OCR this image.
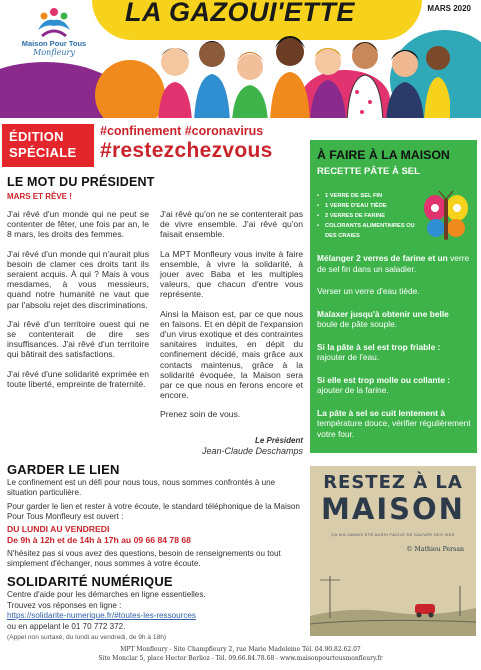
Maison Pour Tous
Monfleury
LA GAZOUI'ETTE	MARS 2020
ÉDITION
SPÉCIALE
#confinement #coronavirus
#restezchezvous
LE MOT DU PRÉSIDENT
MARS ET RÊVE !

J'ai rêvé d'un monde qui ne peut se contenter de fêter, une fois par an, le 8 mars, les droits des femmes.

J'ai rêvé d'un monde qui n'aurait plus besoin de clamer ces droits tant ils seraient acquis. À qui ? Mais à vous mesdames, à vous messieurs, quand notre humanité ne vaut que par l'absolu rejet des discriminations.

J'ai rêvé d'un territoire ouest qui ne se contenterait de dire ses insuffisances. J'ai rêvé d'un territoire qui bâtirait des satisfactions.

J'ai rêvé d'une solidarité exprimée en toute liberté, empreinte de fraternité.

J'ai rêvé qu'on ne se contenterait pas de vivre ensemble. J'ai rêvé qu'on faisait ensemble.

La MPT Monfleury vous invite à faire ensemble, à vivre la solidarité, à jouer avec Baba et les multiples valeurs, que chacun d'entre vous représente.

Ainsi la Maison est, par ce que nous en faisons. Et en dépit de l'expansion d'un virus exotique et des contraintes sanitaires induites, en dépit du confinement décidé, mais grâce aux contacts maintenus, grâce à la solidarité évoquée, la Maison sera par ce que nous en ferons encore et encore.

Prenez soin de vous.

Le Président
Jean-Claude Deschamps
À FAIRE À LA MAISON
RECETTE PÂTE À SEL
• 1 VERRE DE SEL FIN
• 1 VERRE D'EAU TIÈDE
• 2 VERRES DE FARINE
• COLORANTS ALIMENTAIRES OU DES CRAIES
Mélanger 2 verres de farine et un verre de sel fin dans un saladier.
Verser un verre d'eau tiède.
Malaxer jusqu'à obtenir une belle boule de pâte souple.
Si la pâte à sel est trop friable : rajouter de l'eau.
Si elle est trop molle ou collante : ajouter de la farine.
La pâte à sel se cuit lentement à température douce, vérifier régulièrement votre four.
GARDER LE LIEN
Le confinement est un défi pour nous tous, nous sommes confrontés à une situation particulière.
Pour garder le lien et rester à votre écoute, le standard téléphonique de la Maison Pour Tous Monfleury est ouvert :
DU LUNDI AU VENDREDI
De 9h à 12h et de 14h à 17h au 09 66 84 78 68
N'hésitez pas si vous avez des questions, besoin de renseignements ou tout simplement d'échanger, nous sommes à votre écoute.
SOLIDARITÉ NUMÉRIQUE
Centre d'aide pour les démarches en ligne essentielles.
Trouvez vos réponses en ligne :
https://solidarite-numerique.fr/#toutes-les-ressources
ou en appelant le 01 70 772 372.
(Appel non surtaxé, du lundi au vendredi, de 9h à 18h)
RESTEZ À LA
MAISON
ÇA N'A JAMAIS ÉTÉ AUSSI FACILE DE SAUVER DES VIES
© Mathieu Persan
MPT Monfleury - Site Champfleury 2, rue Marie Madeleine Tél. 04.90.82.62.07
Site Monclar 5, place Hector Berlioz - Tél. 09.66.84.78.68 - www.maisonpourtousmonfleury.fr
